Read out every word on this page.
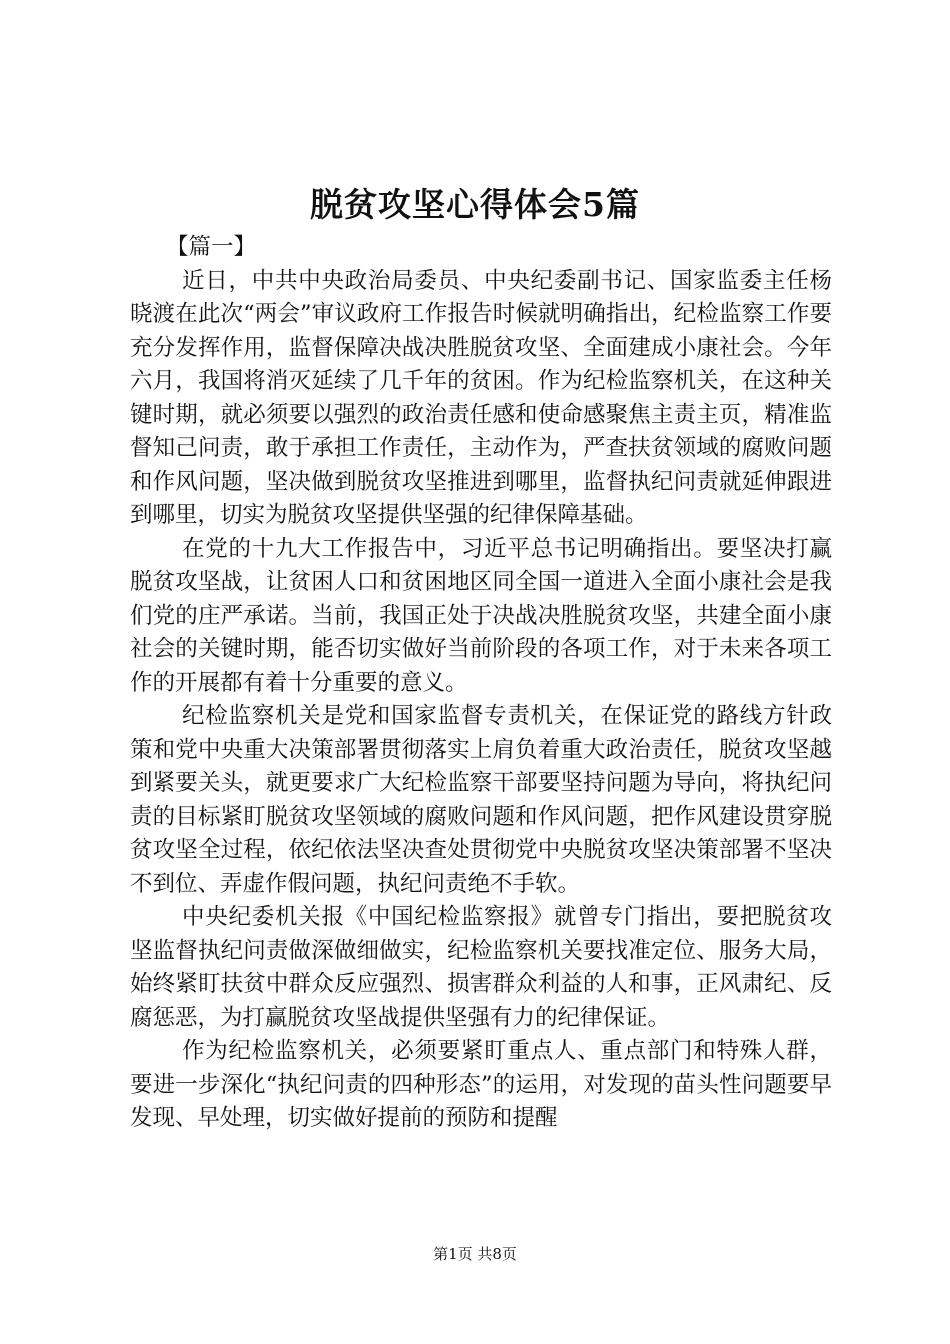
脱贫攻坚心得体会5篇

【篇一】

近日，中共中央政治局委员、中央纪委副书记、国家监委主任杨晓渡在此次“两会”审议政府工作报告时候就明确指出，纪检监察工作要充分发挥作用，监督保障决战决胜脱贫攻坚、全面建成小康社会。今年六月，我国将消灭延续了几千年的贫困。作为纪检监察机关，在这种关键时期，就必须要以强烈的政治责任感和使命感聚焦主责主页，精准监督知己问责，敢于承担工作责任，主动作为，严查扶贫领域的腐败问题和作风问题，坚决做到脱贫攻坚推进到哪里，监督执纪问责就延伸跟进到哪里，切实为脱贫攻坚提供坚强的纪律保障基础。

在党的十九大工作报告中，习近平总书记明确指出。要坚决打赢脱贫攻坚战，让贫困人口和贫困地区同全国一道进入全面小康社会是我们党的庄严承诺。当前，我国正处于决战决胜脱贫攻坚，共建全面小康社会的关键时期，能否切实做好当前阶段的各项工作，对于未来各项工作的开展都有着十分重要的意义。

纪检监察机关是党和国家监督专责机关，在保证党的路线方针政策和党中央重大决策部署贯彻落实上肩负着重大政治责任，脱贫攻坚越到紧要关头，就更要求广大纪检监察干部要坚持问题为导向，将执纪问责的目标紧盯脱贫攻坚领域的腐败问题和作风问题，把作风建设贯穿脱贫攻坚全过程，依纪依法坚决查处贯彻党中央脱贫攻坚决策部署不坚决不到位、弄虚作假问题，执纪问责绝不手软。

中央纪委机关报《中国纪检监察报》就曾专门指出，要把脱贫攻坚监督执纪问责做深做细做实，纪检监察机关要找准定位、服务大局，始终紧盯扶贫中群众反应强烈、损害群众利益的人和事，正风肃纪、反腐惩恶，为打赢脱贫攻坚战提供坚强有力的纪律保证。

作为纪检监察机关，必须要紧盯重点人、重点部门和特殊人群，要进一步深化“执纪问责的四种形态”的运用，对发现的苗头性问题要早发现、早处理，切实做好提前的预防和提醒

第1页 共8页
